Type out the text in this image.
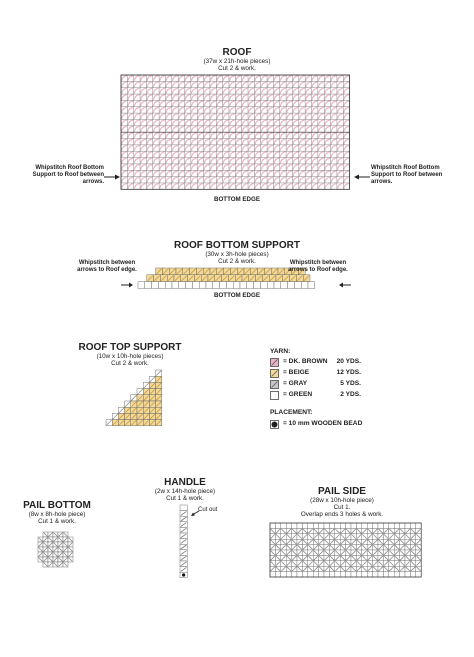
ROOF
(37w x 21h-hole pieces)
Cut 2 & work.
Whipstitch Roof Bottom Support to Roof between arrows.
Whipstitch Roof Bottom Support to Roof between arrows.
BOTTOM EDGE
ROOF BOTTOM SUPPORT
(30w x 3h-hole pieces)
Cut 2 & work.
Whipstitch between arrows to Roof edge.
Whipstitch between arrows to Roof edge.
BOTTOM EDGE
ROOF TOP SUPPORT
(10w x 10h-hole pieces)
Cut 2 & work.
YARN:
= DK. BROWN	20 YDS.
= BEIGE	12 YDS.
= GRAY	5 YDS.
= GREEN	2 YDS.
PLACEMENT:
= 10 mm WOODEN BEAD
PAIL BOTTOM
(8w x 8h-hole piece)
Cut 1 & work.
HANDLE
(2w x 14h-hole piece)
Cut 1 & work.
Cut out
PAIL SIDE
(28w x 10h-hole piece)
Cut 1.
Overlap ends 3 holes & work.
